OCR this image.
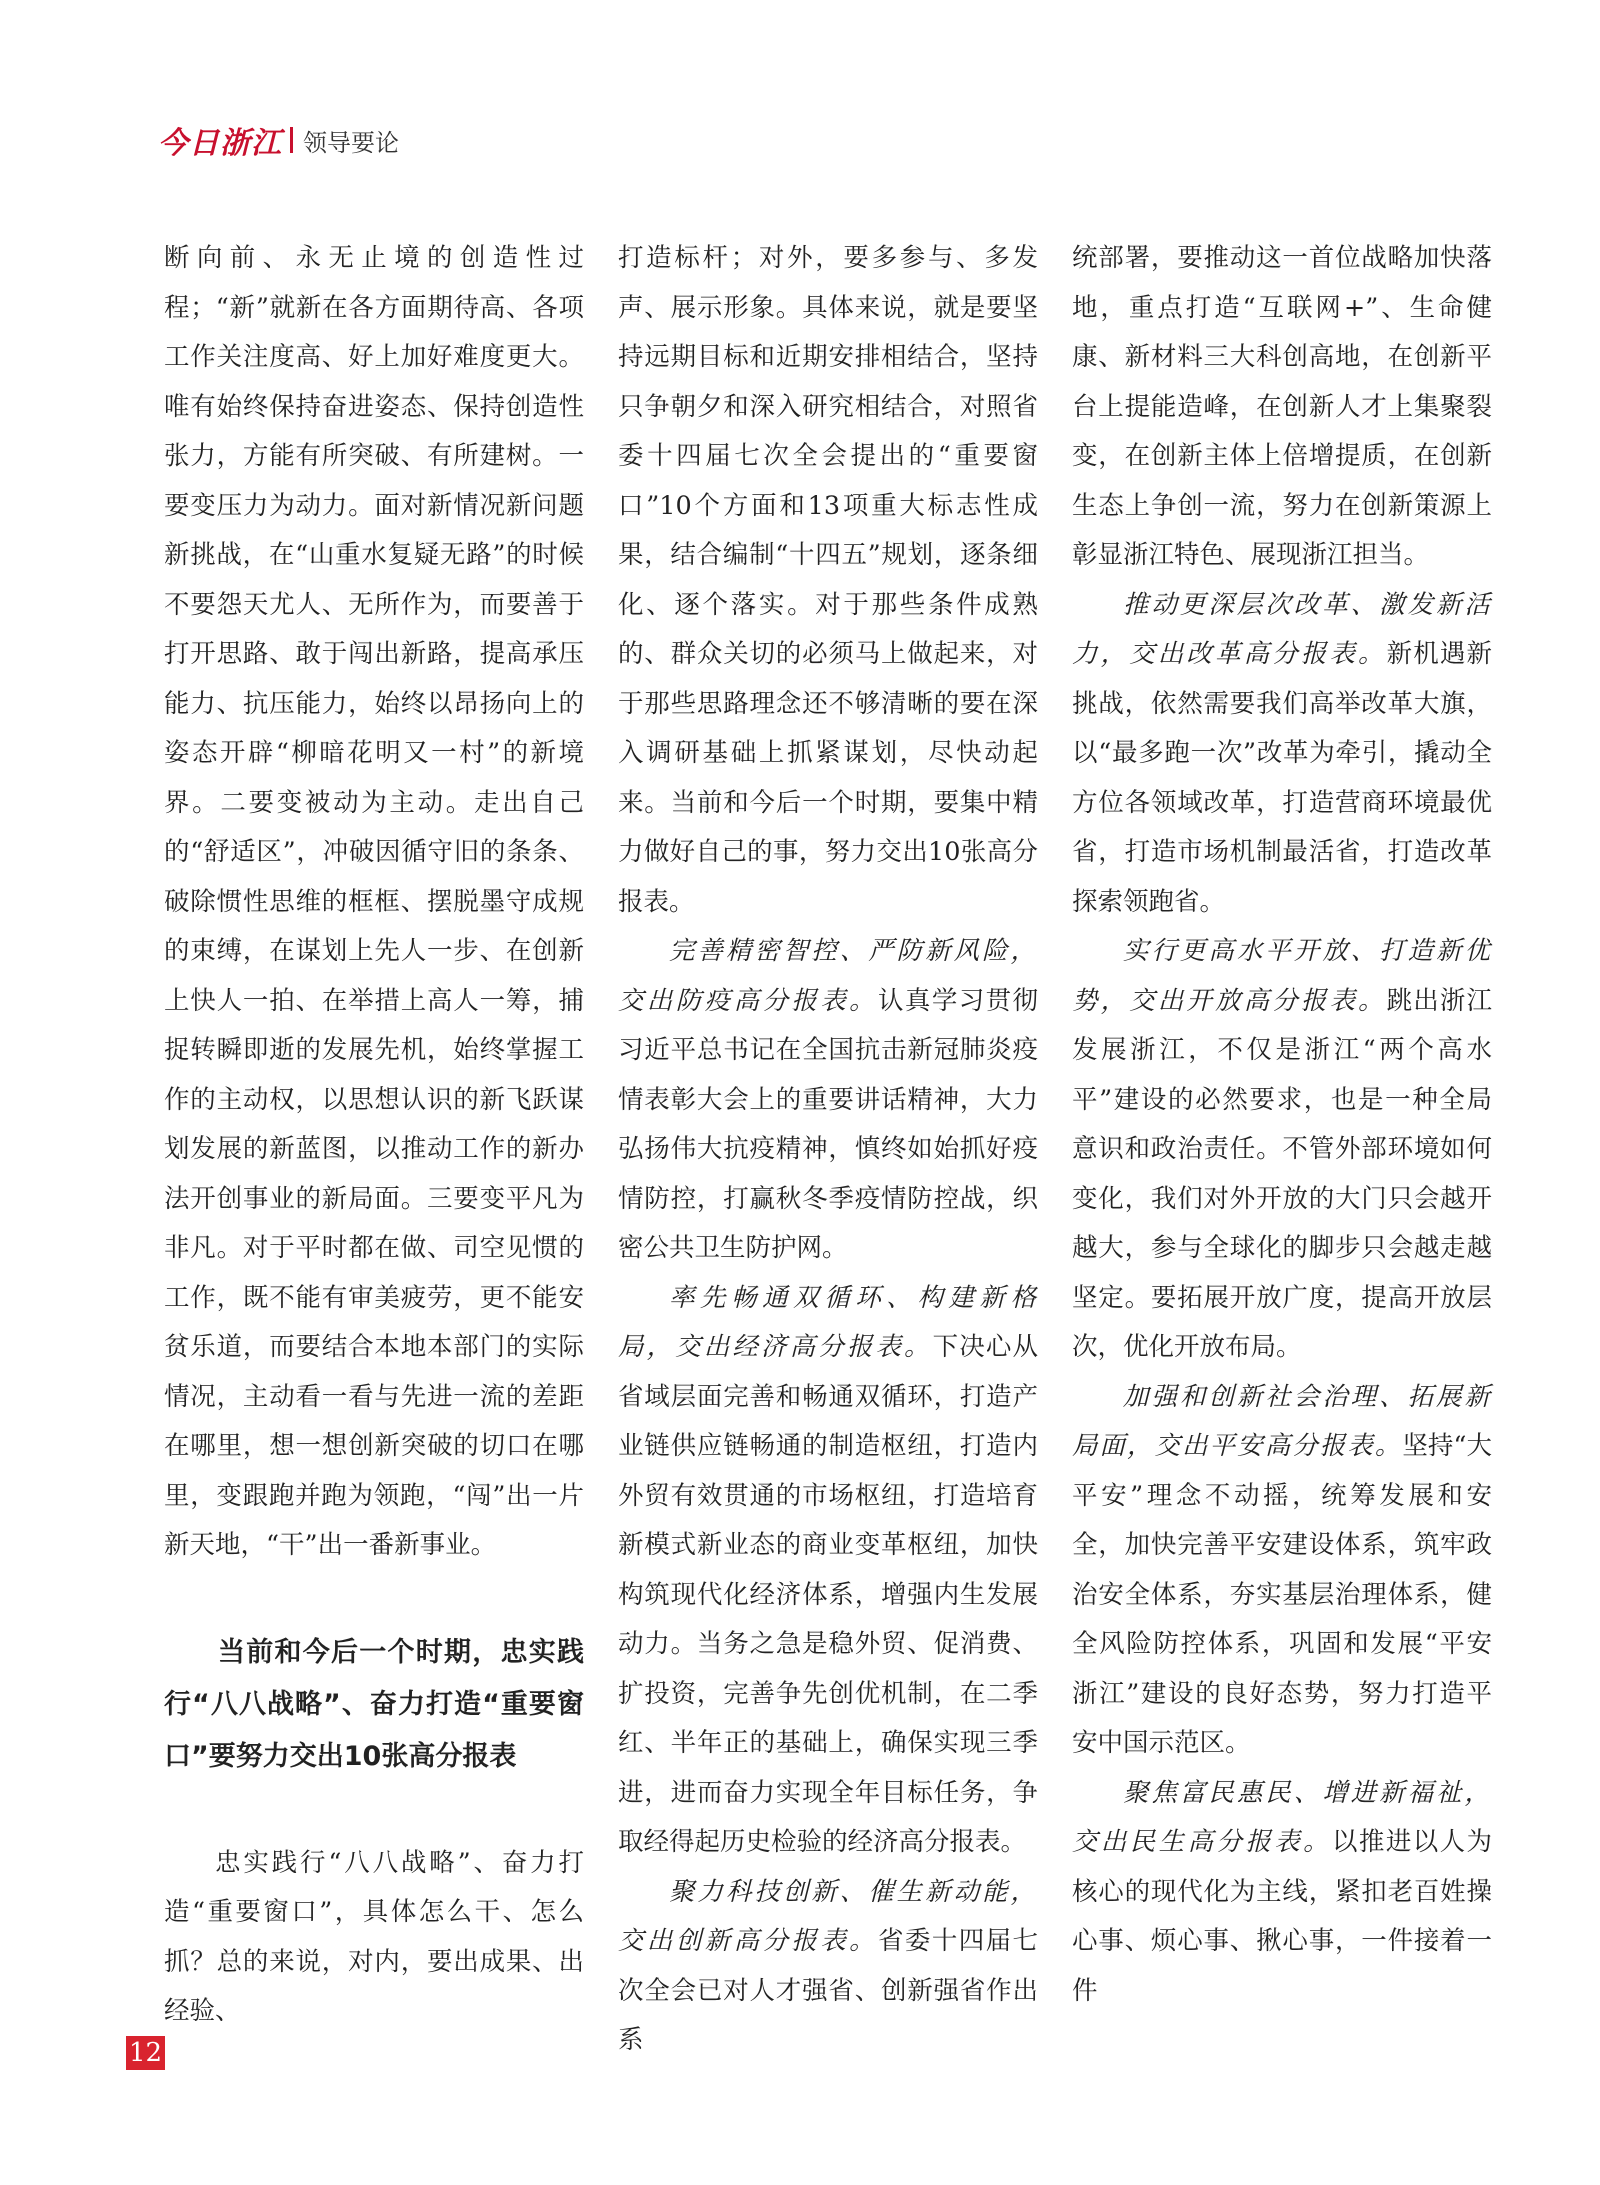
今日浙江 领导要论

断向前、永无止境的创造性过程；“新”就新在各方面期待高、各项工作关注度高、好上加好难度更大。唯有始终保持奋进姿态、保持创造性张力，方能有所突破、有所建树。一要变压力为动力。面对新情况新问题新挑战，在“山重水复疑无路”的时候不要怨天尤人、无所作为，而要善于打开思路、敢于闯出新路，提高承压能力、抗压能力，始终以昂扬向上的姿态开辟“柳暗花明又一村”的新境界。二要变被动为主动。走出自己的“舒适区”，冲破因循守旧的条条、破除惯性思维的框框、摆脱墨守成规的束缚，在谋划上先人一步、在创新上快人一拍、在举措上高人一筹，捕捉转瞬即逝的发展先机，始终掌握工作的主动权，以思想认识的新飞跃谋划发展的新蓝图，以推动工作的新办法开创事业的新局面。三要变平凡为非凡。对于平时都在做、司空见惯的工作，既不能有审美疲劳，更不能安贫乐道，而要结合本地本部门的实际情况，主动看一看与先进一流的差距在哪里，想一想创新突破的切口在哪里，变跟跑并跑为领跑，“闯”出一片新天地，“干”出一番新事业。

当前和今后一个时期，忠实践行“八八战略”、奋力打造“重要窗口”要努力交出10张高分报表

忠实践行“八八战略”、奋力打造“重要窗口”，具体怎么干、怎么抓？总的来说，对内，要出成果、出经验、

打造标杆；对外，要多参与、多发声、展示形象。具体来说，就是要坚持远期目标和近期安排相结合，坚持只争朝夕和深入研究相结合，对照省委十四届七次全会提出的“重要窗口”10个方面和13项重大标志性成果，结合编制“十四五”规划，逐条细化、逐个落实。对于那些条件成熟的、群众关切的必须马上做起来，对于那些思路理念还不够清晰的要在深入调研基础上抓紧谋划，尽快动起来。当前和今后一个时期，要集中精力做好自己的事，努力交出10张高分报表。

完善精密智控、严防新风险，交出防疫高分报表。认真学习贯彻习近平总书记在全国抗击新冠肺炎疫情表彰大会上的重要讲话精神，大力弘扬伟大抗疫精神，慎终如始抓好疫情防控，打赢秋冬季疫情防控战，织密公共卫生防护网。

率先畅通双循环、构建新格局，交出经济高分报表。下决心从省域层面完善和畅通双循环，打造产业链供应链畅通的制造枢纽，打造内外贸有效贯通的市场枢纽，打造培育新模式新业态的商业变革枢纽，加快构筑现代化经济体系，增强内生发展动力。当务之急是稳外贸、促消费、扩投资，完善争先创优机制，在二季红、半年正的基础上，确保实现三季进，进而奋力实现全年目标任务，争取经得起历史检验的经济高分报表。

聚力科技创新、催生新动能，交出创新高分报表。省委十四届七次全会已对人才强省、创新强省作出系

统部署，要推动这一首位战略加快落地，重点打造“互联网+”、生命健康、新材料三大科创高地，在创新平台上提能造峰，在创新人才上集聚裂变，在创新主体上倍增提质，在创新生态上争创一流，努力在创新策源上彰显浙江特色、展现浙江担当。

推动更深层次改革、激发新活力，交出改革高分报表。新机遇新挑战，依然需要我们高举改革大旗，以“最多跑一次”改革为牵引，撬动全方位各领域改革，打造营商环境最优省，打造市场机制最活省，打造改革探索领跑省。

实行更高水平开放、打造新优势，交出开放高分报表。跳出浙江发展浙江，不仅是浙江“两个高水平”建设的必然要求，也是一种全局意识和政治责任。不管外部环境如何变化，我们对外开放的大门只会越开越大，参与全球化的脚步只会越走越坚定。要拓展开放广度，提高开放层次，优化开放布局。

加强和创新社会治理、拓展新局面，交出平安高分报表。坚持“大平安”理念不动摇，统筹发展和安全，加快完善平安建设体系，筑牢政治安全体系，夯实基层治理体系，健全风险防控体系，巩固和发展“平安浙江”建设的良好态势，努力打造平安中国示范区。

聚焦富民惠民、增进新福祉，交出民生高分报表。以推进以人为核心的现代化为主线，紧扣老百姓操心事、烦心事、揪心事，一件接着一件

12
